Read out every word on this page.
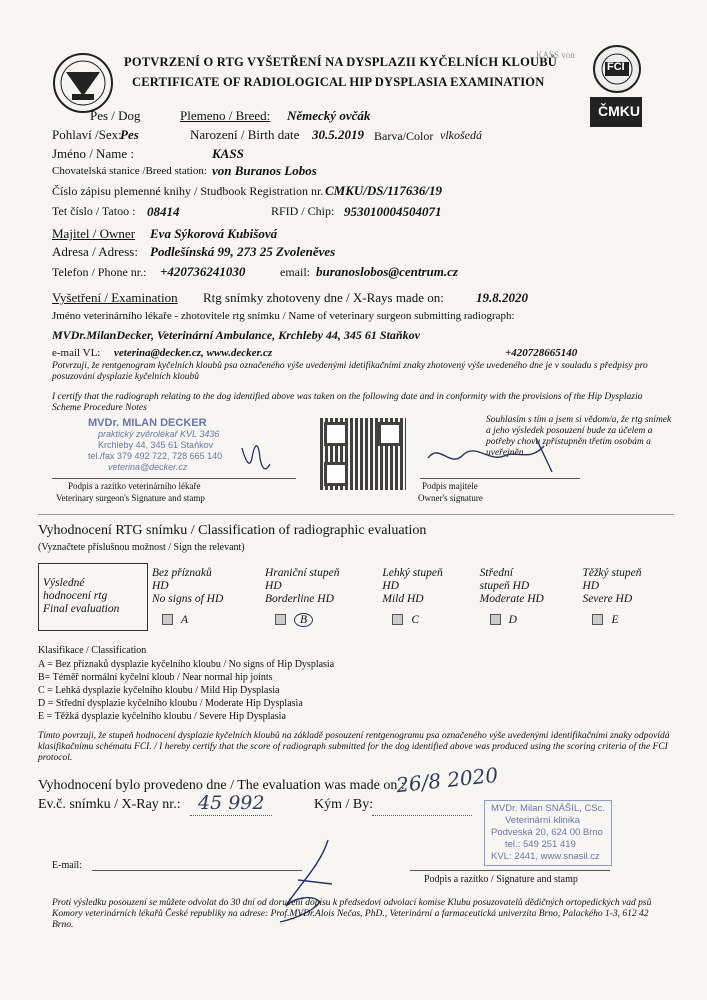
POTVRZENÍ O RTG VYŠETŘENÍ NA DYSPLAZII KYČELNÍCH KLOUBŮ
CERTIFICATE OF RADIOLOGICAL HIP DYSPLASIA EXAMINATION
KASS von
FCI
ČMKU
Pes / Dog	Plemeno / Breed: Německý ovčák
Pohlaví /Sex:
Pes	Narození / Birth date 30.5.2019 Barva/Color vlkošedá
Jméno / Name :	KASS
Chovatelská stanice /Breed station: von Buranos Lobos
Číslo zápisu plemenné knihy / Studbook Registration nr. CMKU/DS/117636/19
Tet číslo / Tatoo : 08414	RFID / Chip: 953010004504071
Majitel / Owner Eva Sýkorová Kubišová
Adresa / Adress: Podlešínská 99, 273 25 Zvoleněves
Telefon / Phone nr.: +420736241030	email: buranoslobos@centrum.cz
Vyšetření / Examination Rtg snímky zhotoveny dne / X-Rays made on: 19.8.2020
Jméno veterinárního lékaře - zhotovitele rtg snímku / Name of veterinary surgeon submitting radiograph:
MVDr.MilanDecker, Veterinární Ambulance, Krchleby 44, 345 61 Staňkov
e-mail VL: veterina@decker.cz, www.decker.cz	+420728665140
Potvrzuji, že rentgenogram kyčelních kloubů psa označeného výše uvedenými idetifikačními znaky zhotovený výše uvedeného dne je v souladu s předpisy pro posuzování dysplazie kyčelních kloubů
I certify that the radiograph relating to the dog identified above was taken on the following date and in conformity with the provisions of the Hip Dysplazia Scheme Procedure Notes
MVDr. MILAN DECKER
praktický zvěrolékař KVL 3436
Krchleby 44, 345 61 Staňkov
tel./fax 379 492 722, 728 665 140
veterina@decker.cz
Souhlasím s tím a jsem si vědom/a, že rtg snímek a jeho výsledek posouzení bude za účelem a potřeby chovu zpřístupněn třetím osobám a uveřejněn
Podpis a razítko veterinárního lékaře
Veterinary surgeon's Signature and stamp
Podpis majitele
Owner's signature
Vyhodnocení RTG snímku / Classification of radiographic evaluation
(Vyznačtete příslušnou možnost / Sign the relevant)
Výsledné
hodnocení rtg
Final evaluation

Bez příznaků
HD
No signs of HD
A

Hraniční stupeň
HD
Borderline HD
B

Lehký stupeň
HD
Mild HD
C

Střední
stupeň HD
Moderate HD
D

Těžký stupeň
HD
Severe HD
E
Klasifikace / Classification
A = Bez příznaků dysplazie kyčelního kloubu / No signs of Hip Dysplasia
B= Téměř normální kyčelní kloub / Near normal hip joints
C = Lehká dysplazie kyčelního kloubu / Mild Hip Dysplasia
D = Střední dysplazie kyčelního kloubu / Moderate Hip Dysplasia
E = Těžká dysplazie kyčelního kloubu / Severe Hip Dysplasia
Tímto povrzuji, že stupeň hodnocení dysplazie kyčelních kloubů na základě posouzení rentgenogramu psa označeného výše uvedenými identifikačními znaky odpovídá klasifikačnímu schématu FCI. / I hereby certify that the score of radiograph submitted for the dog identified above was produced using the scoring criteria of the FCI protocol.
Vyhodnocení bylo provedeno dne / The evaluation was made on :
26/8 2020
Ev.č. snímku / X-Ray nr.: 45 992	Kým / By:	MVDr. Milan SNÁŠIL, CSc.
Veterinární klinika
Podveská 20, 624 00 Brno
tel.: 549 251 419
KVL: 2441, www.snasil.cz
E-mail:
Podpis a razítko / Signature and stamp
Proti výsledku posouzení se můžete odvolat do 30 dní od doručení dopisu k předsedovi odvolací komise Klubu posuzovatelů dědičných ortopedických vad psů Komory veterinárních lékařů České republiky na adrese: Prof.MVDr.Alois Nečas, PhD., Veterinární a farmaceutická univerzita Brno, Palackého 1-3, 612 42 Brno.
